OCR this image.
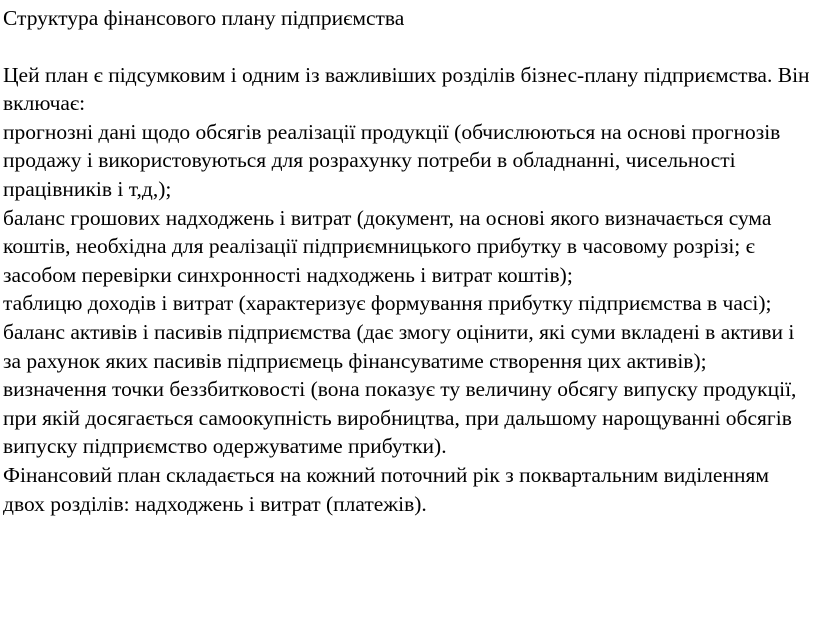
Структура фінансового плану підприємства

Цей план є підсумковим і одним із важливіших розділів бізнес-плану підприємства. Він включає:

прогнозні дані щодо обсягів реалізації продукції (обчислюються на основі прогнозів продажу і використовуються для розрахунку потреби в обладнанні, чисельності працівників і т,д,);

баланс грошових надходжень і витрат (документ, на основі якого визначається сума коштів, необхідна для реалізації підприємницького прибутку в часовому розрізі; є засобом перевірки синхронності надходжень і витрат коштів);

таблицю доходів і витрат (характеризує формування прибутку підприємства в часі);

баланс активів і пасивів підприємства (дає змогу оцінити, які суми вкладені в активи і за рахунок яких пасивів підприємець фінансуватиме створення цих активів);

визначення точки беззбитковості (вона показує ту величину обсягу випуску продукції, при якій досягається самоокупність виробництва, при дальшому нарощуванні обсягів випуску підприємство одержуватиме прибутки).

Фінансовий план складається на кожний поточний рік з поквартальним виділенням двох розділів: надходжень і витрат (платежів).
